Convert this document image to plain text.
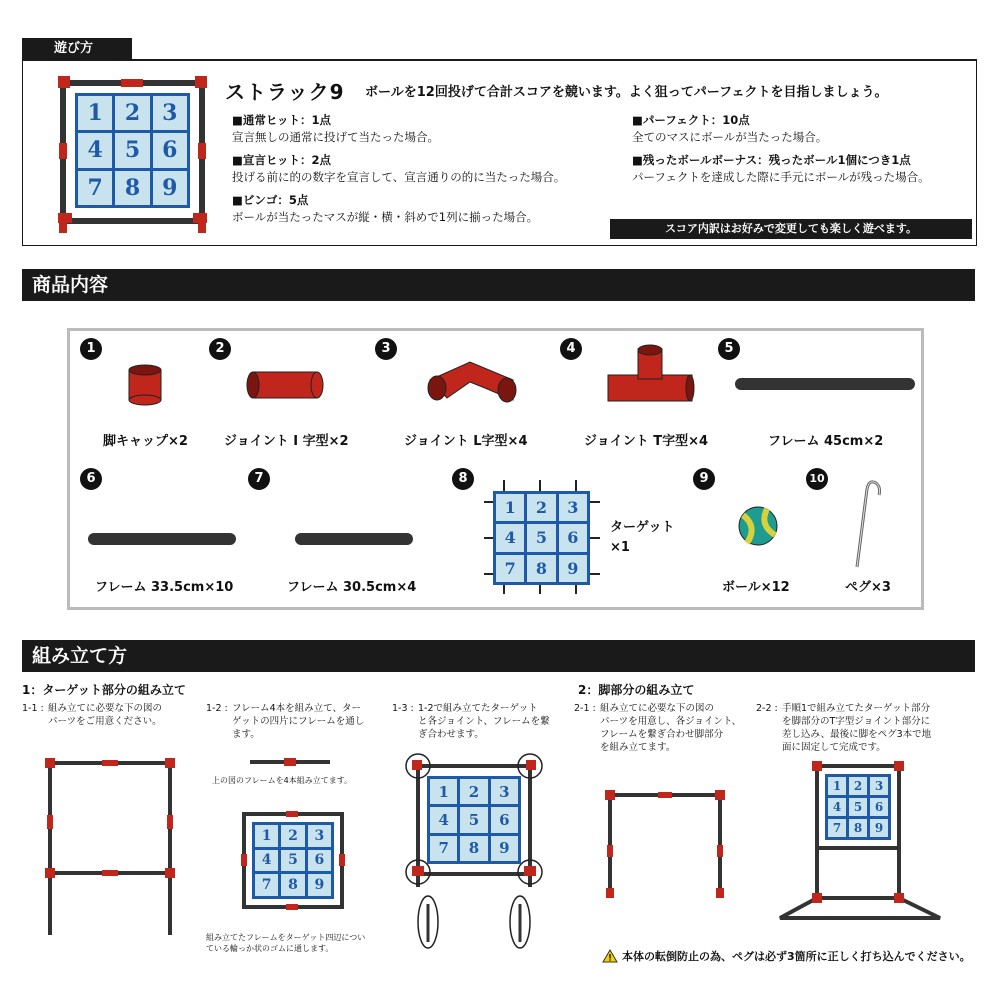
遊び方
1	2	3
4	5	6
7	8	9
ストラック9 ボールを12回投げて合計スコアを競います。よく狙ってパーフェクトを目指しましょう。
■通常ヒット：1点
宣言無しの通常に投げて当たった場合。
■宣言ヒット：2点
投げる前に的の数字を宣言して、宣言通りの的に当たった場合。
■ビンゴ：5点
ボールが当たったマスが縦・横・斜めで1列に揃った場合。
■パーフェクト：10点
全てのマスにボールが当たった場合。
■残ったボールボーナス：残ったボール1個につき1点
パーフェクトを達成した際に手元にボールが残った場合。
スコア内訳はお好みで変更しても楽しく遊べます。
商品内容
1	2	3	4	5
脚キャップ×2	ジョイント I 字型×2	ジョイント L字型×4	ジョイント T字型×4	フレーム 45cm×2
6	7	8	9	10
1	2	3
4	5	6
7	8	9
フレーム 33.5cm×10	フレーム 30.5cm×4
ターゲット
×1
ボール×12	ペグ×3
組み立て方
1：ターゲット部分の組み立て	2：脚部分の組み立て
1-1 : 組み立てに必要な下の図の
パーツをご用意ください。
1-2 : フレーム4本を組み立て、ター
ゲットの四片にフレームを通し
ます。
1-3 : 1-2で組み立てたターゲット
と各ジョイント、フレームを繋
ぎ合わせます。
2-1 : 組み立てに必要な下の図の
パーツを用意し、各ジョイント、
フレームを繋ぎ合わせ脚部分
を組み立てます。
2-2 : 手順1で組み立てたターゲット部分
を脚部分のT字型ジョイント部分に
差し込み、最後に脚をペグ3本で地
面に固定して完成です。
上の図のフレームを4本組み立てます。
1	2	3
4	5	6
7	8	9
組み立てたフレームをターゲット四辺につい
ている輪っか状のゴムに通します。
1	2	3
4	5	6
7	8	9
1	2	3
4	5	6
7	8	9
本体の転倒防止の為、ペグは必ず3箇所に正しく打ち込んでください。
